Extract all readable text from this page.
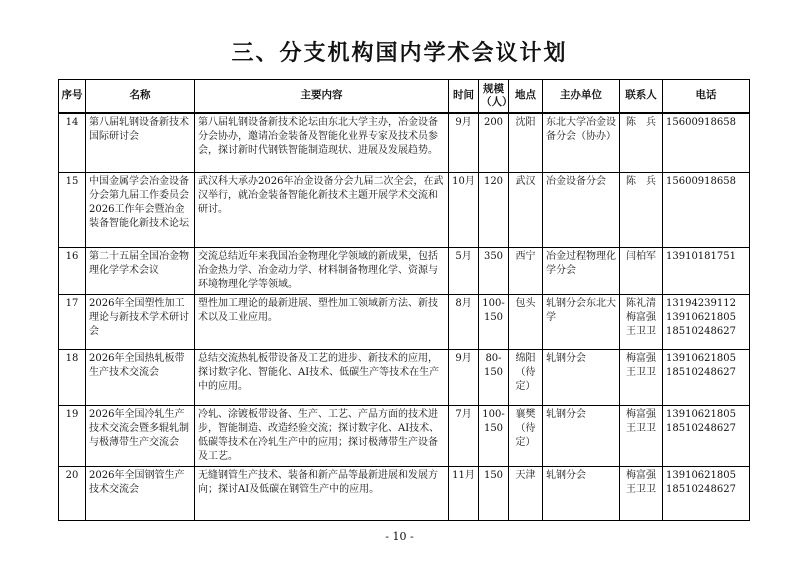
三、分支机构国内学术会议计划
序号	名称	主要内容	时间	规模（人）	地点	主办单位	联系人	电话
14	第八届轧钢设备新技术国际研讨会	第八届轧钢设备新技术论坛由东北大学主办，冶金设备分会协办，邀请冶金装备及智能化业界专家及技术员参会，探讨新时代钢铁智能制造现状、进展及发展趋势。	9月	200	沈阳	东北大学冶金设备分会（协办）	陈　兵	15600918658

15	中国金属学会冶金设备分会第九届工作委员会2026工作年会暨冶金装备智能化新技术论坛	武汉科大承办2026年冶金设备分会九届二次全会，在武汉举行，就冶金装备智能化新技术主题开展学术交流和研讨。	10月	120	武汉	冶金设备分会	陈　兵	15600918658

16	第二十五届全国冶金物理化学学术会议	交流总结近年来我国冶金物理化学领域的新成果，包括冶金热力学、冶金动力学、材料制备物理化学、资源与环境物理化学等领域。	5月	350	西宁	冶金过程物理化学分会	闫柏军	13910181751

17	2026年全国塑性加工理论与新技术学术研讨会	塑性加工理论的最新进展、塑性加工领域新方法、新技术以及工业应用。	8月	100-150	包头	轧钢分会东北大学	陈礼清梅富强王卫卫	13194239112
13910621805
18510248627

18	2026年全国热轧板带生产技术交流会	总结交流热轧板带设备及工艺的进步、新技术的应用，探讨数字化、智能化、AI技术、低碳生产等技术在生产中的应用。	9月	80-150	绵阳（待定）	轧钢分会	梅富强王卫卫	13910621805
18510248627

19	2026年全国冷轧生产技术交流会暨多辊轧制与极薄带生产交流会	冷轧、涂镀板带设备、生产、工艺、产品方面的技术进步，智能制造、改造经验交流；探讨数字化、AI技术、低碳等技术在冷轧生产中的应用；探讨极薄带生产设备及工艺。	7月	100-150	襄樊（待定）	轧钢分会	梅富强王卫卫	13910621805
18510248627

20	2026年全国钢管生产技术交流会	无缝钢管生产技术、装备和新产品等最新进展和发展方向；探讨AI及低碳在钢管生产中的应用。	11月	150	天津	轧钢分会	梅富强王卫卫	13910621805
18510248627
- 10 -
